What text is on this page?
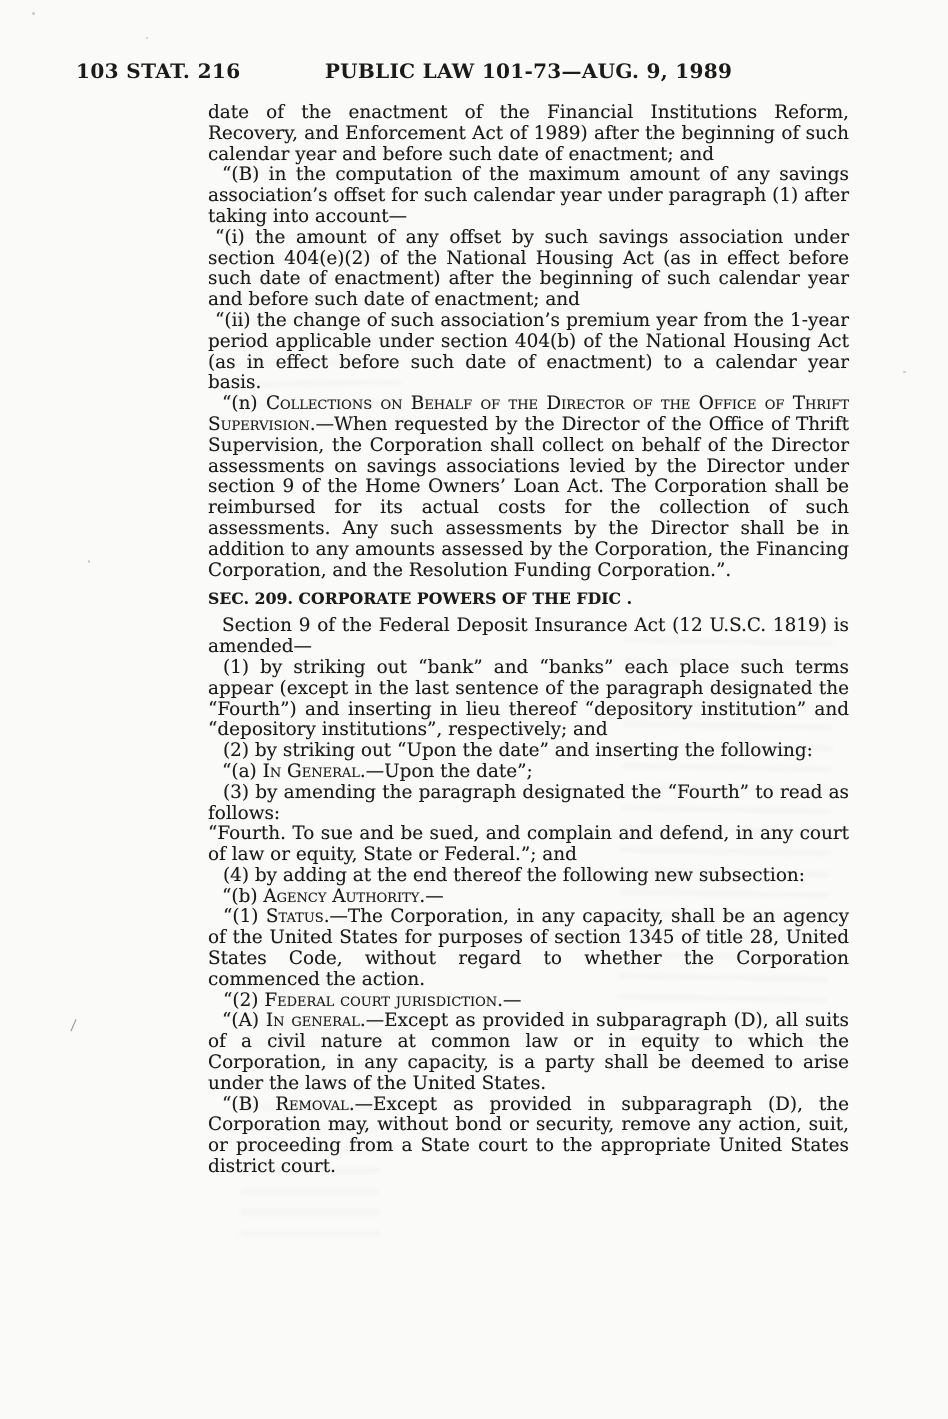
103 STAT. 216	PUBLIC LAW 101-73—AUG. 9, 1989

date of the enactment of the Financial Institutions Reform, Recovery, and Enforcement Act of 1989) after the beginning of such calendar year and before such date of enactment; and

“(B) in the computation of the maximum amount of any savings association’s offset for such calendar year under paragraph (1) after taking into account—

“(i) the amount of any offset by such savings association under section 404(e)(2) of the National Housing Act (as in effect before such date of enactment) after the beginning of such calendar year and before such date of enactment; and

“(ii) the change of such association’s premium year from the 1-year period applicable under section 404(b) of the National Housing Act (as in effect before such date of enactment) to a calendar year basis.

“(n) Collections on Behalf of the Director of the Office of Thrift Supervision.—When requested by the Director of the Office of Thrift Supervision, the Corporation shall collect on behalf of the Director assessments on savings associations levied by the Director under section 9 of the Home Owners’ Loan Act. The Corporation shall be reimbursed for its actual costs for the collection of such assessments. Any such assessments by the Director shall be in addition to any amounts assessed by the Corporation, the Financing Corporation, and the Resolution Funding Corporation.”.

SEC. 209. CORPORATE POWERS OF THE FDIC .

Section 9 of the Federal Deposit Insurance Act (12 U.S.C. 1819) is amended—

(1) by striking out “bank” and “banks” each place such terms appear (except in the last sentence of the paragraph designated the “Fourth”) and inserting in lieu thereof “depository institution” and “depository institutions”, respectively; and

(2) by striking out “Upon the date” and inserting the following:

“(a) In General.—Upon the date”;

(3) by amending the paragraph designated the “Fourth” to read as follows:

“Fourth. To sue and be sued, and complain and defend, in any court of law or equity, State or Federal.”; and

(4) by adding at the end thereof the following new subsection:

“(b) Agency Authority.—

“(1) Status.—The Corporation, in any capacity, shall be an agency of the United States for purposes of section 1345 of title 28, United States Code, without regard to whether the Corporation commenced the action.

“(2) Federal court jurisdiction.—

“(A) In general.—Except as provided in subparagraph (D), all suits of a civil nature at common law or in equity to which the Corporation, in any capacity, is a party shall be deemed to arise under the laws of the United States.

“(B) Removal.—Except as provided in subparagraph (D), the Corporation may, without bond or security, remove any action, suit, or proceeding from a State court to the appropriate United States district court.

/
